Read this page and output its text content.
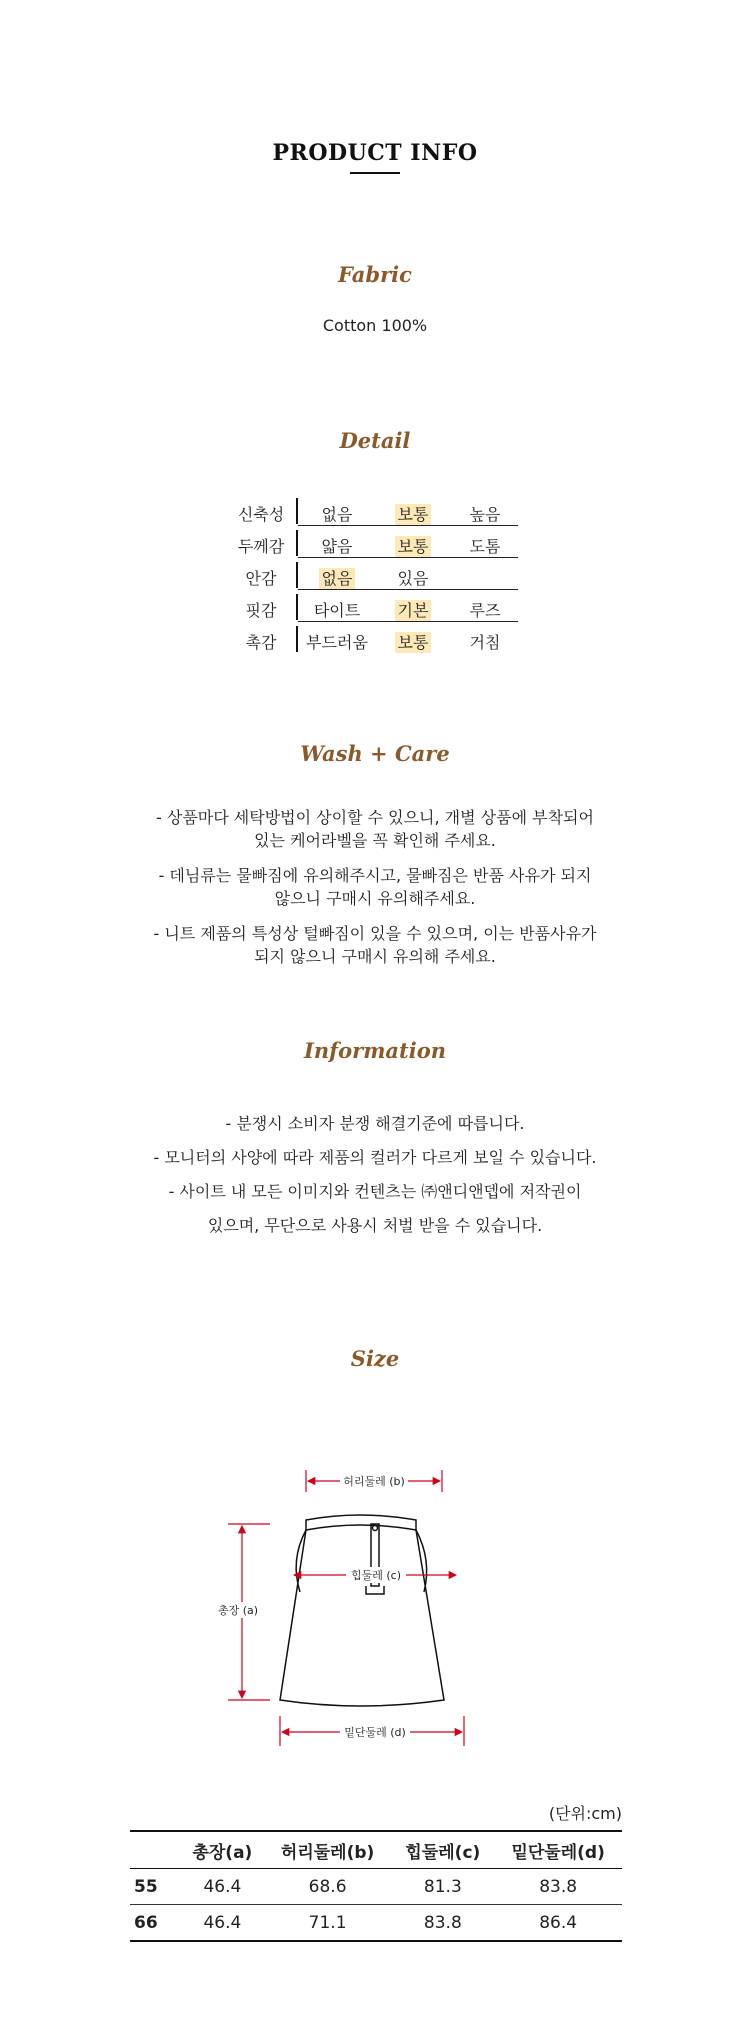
PRODUCT INFO
Fabric
Cotton 100%
Detail
신축성	없음	보통	높음
두께감	얇음	보통	도톰
안감	없음	있음
핏감	타이트	기본	루즈
촉감	부드러움	보통	거침
Wash + Care
- 상품마다 세탁방법이 상이할 수 있으니, 개별 상품에 부착되어
있는 케어라벨을 꼭 확인해 주세요.
- 데님류는 물빠짐에 유의해주시고, 물빠짐은 반품 사유가 되지
않으니 구매시 유의해주세요.
- 니트 제품의 특성상 털빠짐이 있을 수 있으며, 이는 반품사유가
되지 않으니 구매시 유의해 주세요.
Information
- 분쟁시 소비자 분쟁 해결기준에 따릅니다.
- 모니터의 사양에 따라 제품의 컬러가 다르게 보일 수 있습니다.
- 사이트 내 모든 이미지와 컨텐츠는 ㈜앤디앤뎁에 저작권이
있으며, 무단으로 사용시 처벌 받을 수 있습니다.
Size
허리둘레 (b)
힙둘레 (c)
총장 (a)
밑단둘레 (d)
(단위:cm)
	총장(a)	허리둘레(b)	힙둘레(c)	밑단둘레(d)
55	46.4	68.6	81.3	83.8
66	46.4	71.1	83.8	86.4
